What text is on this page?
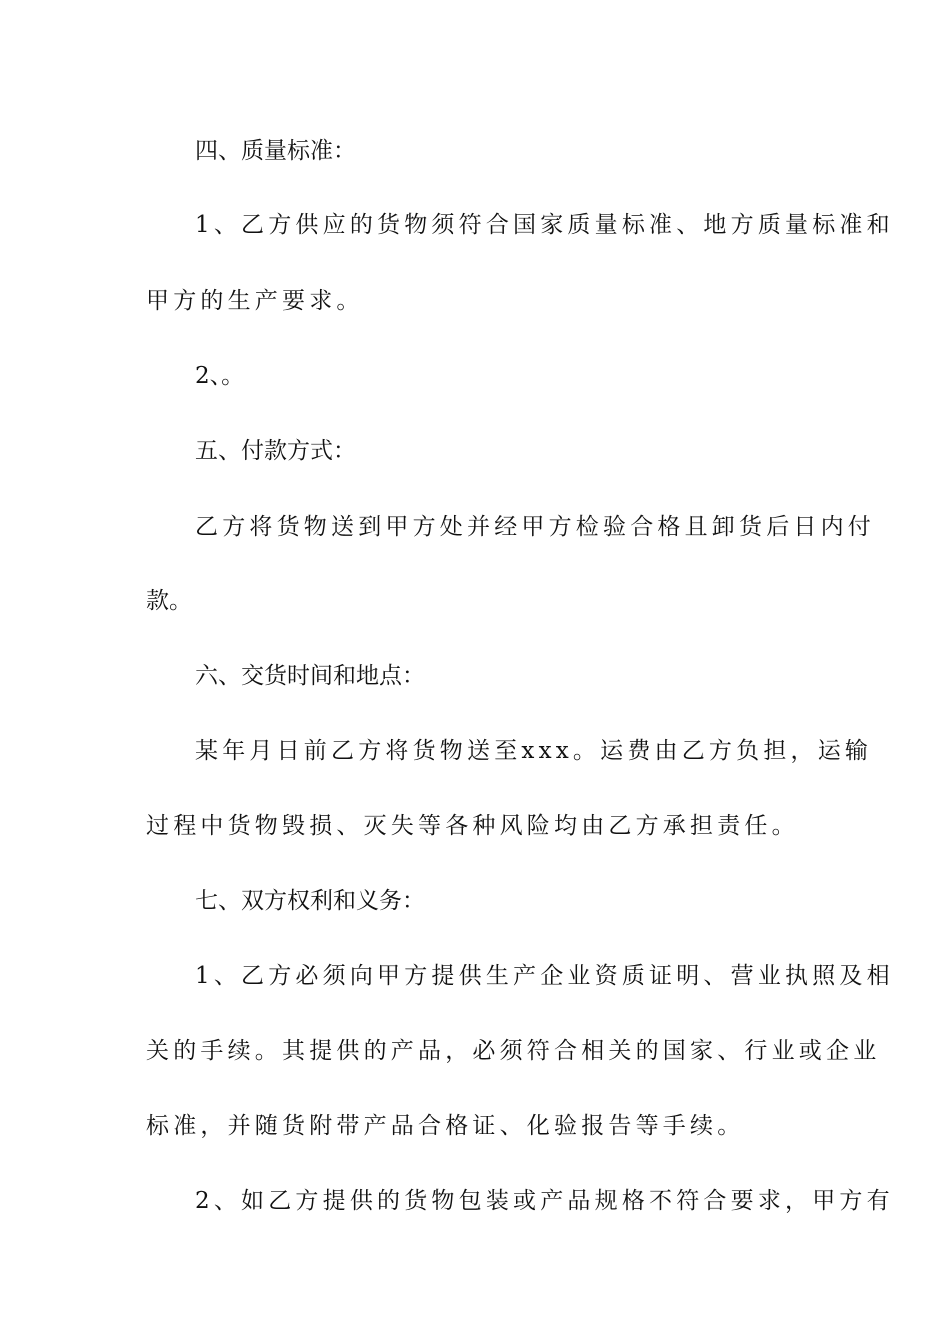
四、质量标准：
1、乙方供应的货物须符合国家质量标准、地方质量标准和
甲方的生产要求。
2、。
五、付款方式：
乙方将货物送到甲方处并经甲方检验合格且卸货后日内付
款。
六、交货时间和地点：
某年月日前乙方将货物送至xxx。运费由乙方负担，运输
过程中货物毁损、灭失等各种风险均由乙方承担责任。
七、双方权利和义务：
1、乙方必须向甲方提供生产企业资质证明、营业执照及相
关的手续。其提供的产品，必须符合相关的国家、行业或企业
标准，并随货附带产品合格证、化验报告等手续。
2、如乙方提供的货物包装或产品规格不符合要求，甲方有
